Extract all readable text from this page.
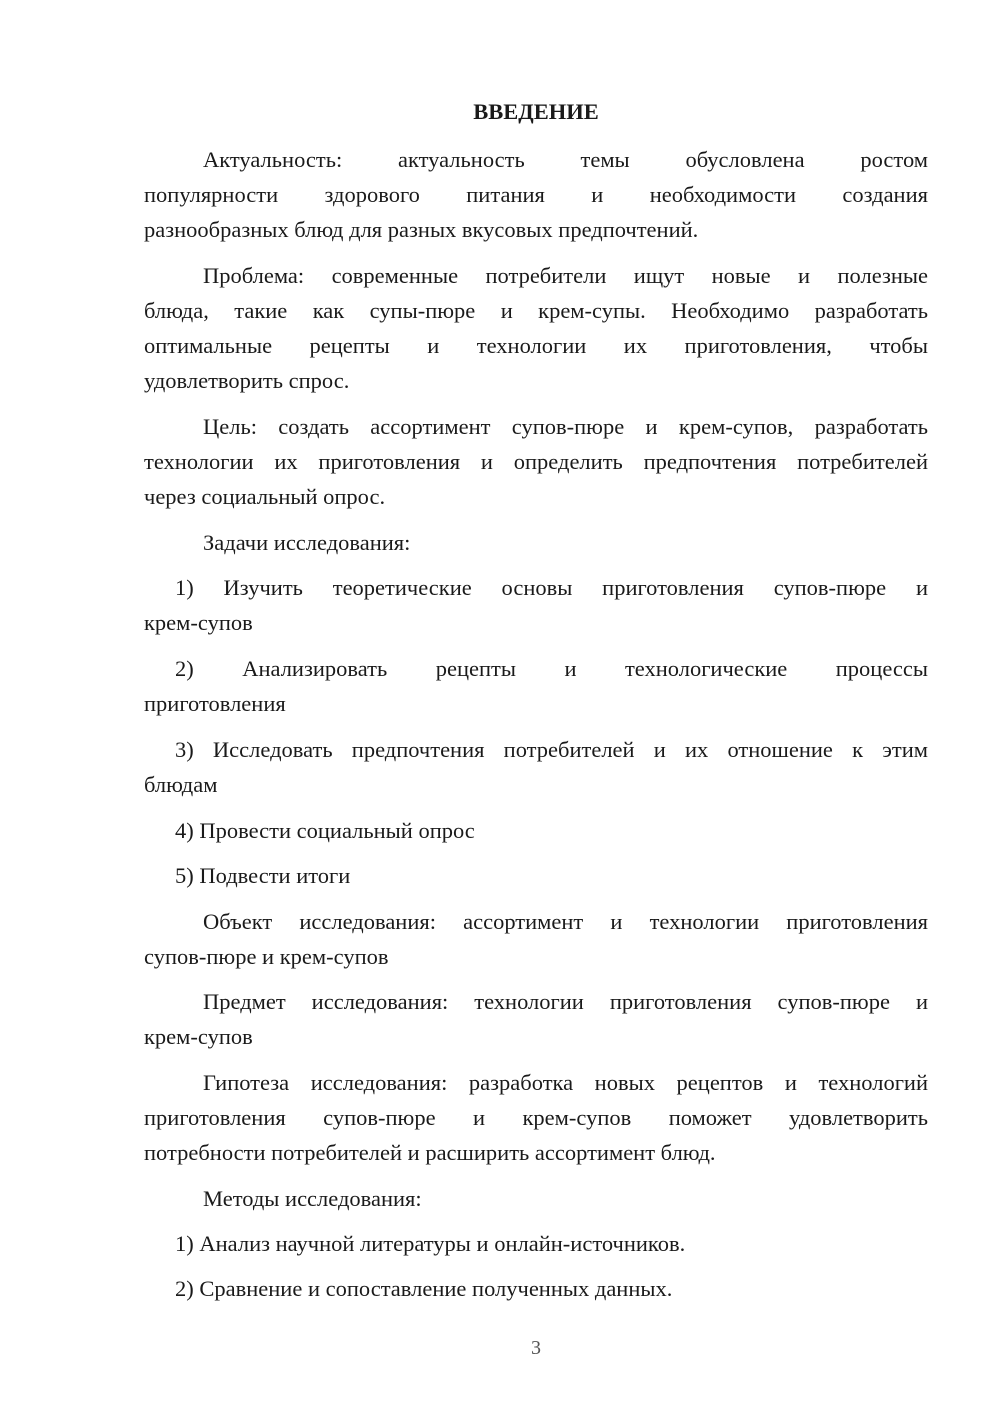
ВВЕДЕНИЕ

Актуальность: актуальность темы обусловлена ростом

популярности здорового питания и необходимости создания

разнообразных блюд для разных вкусовых предпочтений.

Проблема: современные потребители ищут новые и полезные

блюда, такие как супы-пюре и крем-супы. Необходимо разработать

оптимальные рецепты и технологии их приготовления, чтобы

удовлетворить спрос.

Цель: создать ассортимент супов-пюре и крем-супов, разработать

технологии их приготовления и определить предпочтения потребителей

через социальный опрос.

Задачи исследования:

1) Изучить теоретические основы приготовления супов-пюре и

крем-супов

2) Анализировать рецепты и технологические процессы

приготовления

3) Исследовать предпочтения потребителей и их отношение к этим

блюдам

4) Провести социальный опрос

5) Подвести итоги

Объект исследования: ассортимент и технологии приготовления

супов-пюре и крем-супов

Предмет исследования: технологии приготовления супов-пюре и

крем-супов

Гипотеза исследования: разработка новых рецептов и технологий

приготовления супов-пюре и крем-супов поможет удовлетворить

потребности потребителей и расширить ассортимент блюд.

Методы исследования:

1) Анализ научной литературы и онлайн-источников.

2) Сравнение и сопоставление полученных данных.

3
